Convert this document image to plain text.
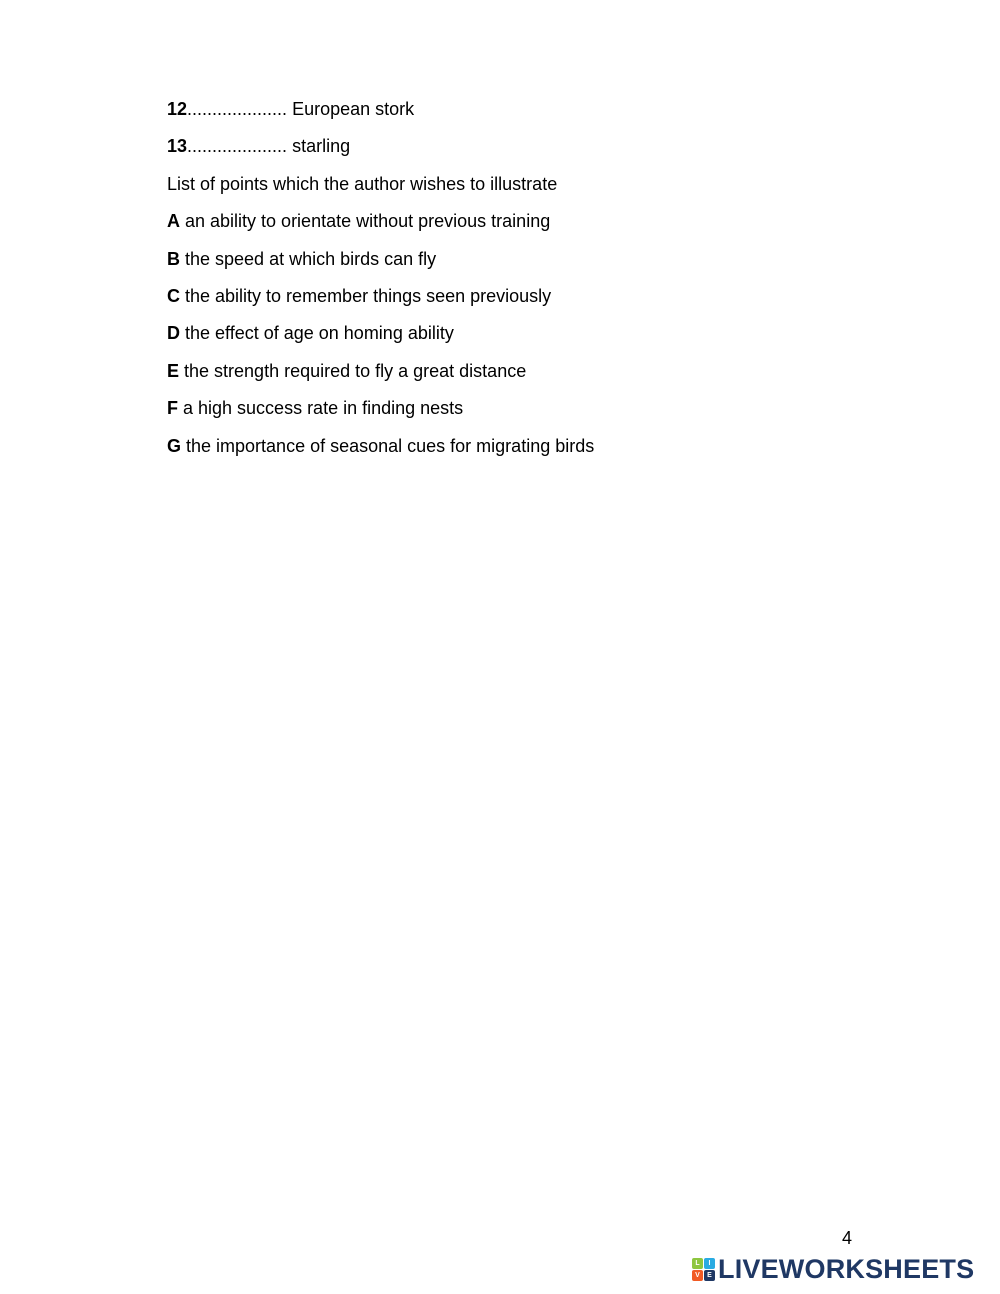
12.................... European stork
13.................... starling
List of points which the author wishes to illustrate
A an ability to orientate without previous training
B the speed at which birds can fly
C the ability to remember things seen previously
D the effect of age on homing ability
E the strength required to fly a great distance
F a high success rate in finding nests
G the importance of seasonal cues for migrating birds
4
L	I
V	E LIVEWORKSHEETS
